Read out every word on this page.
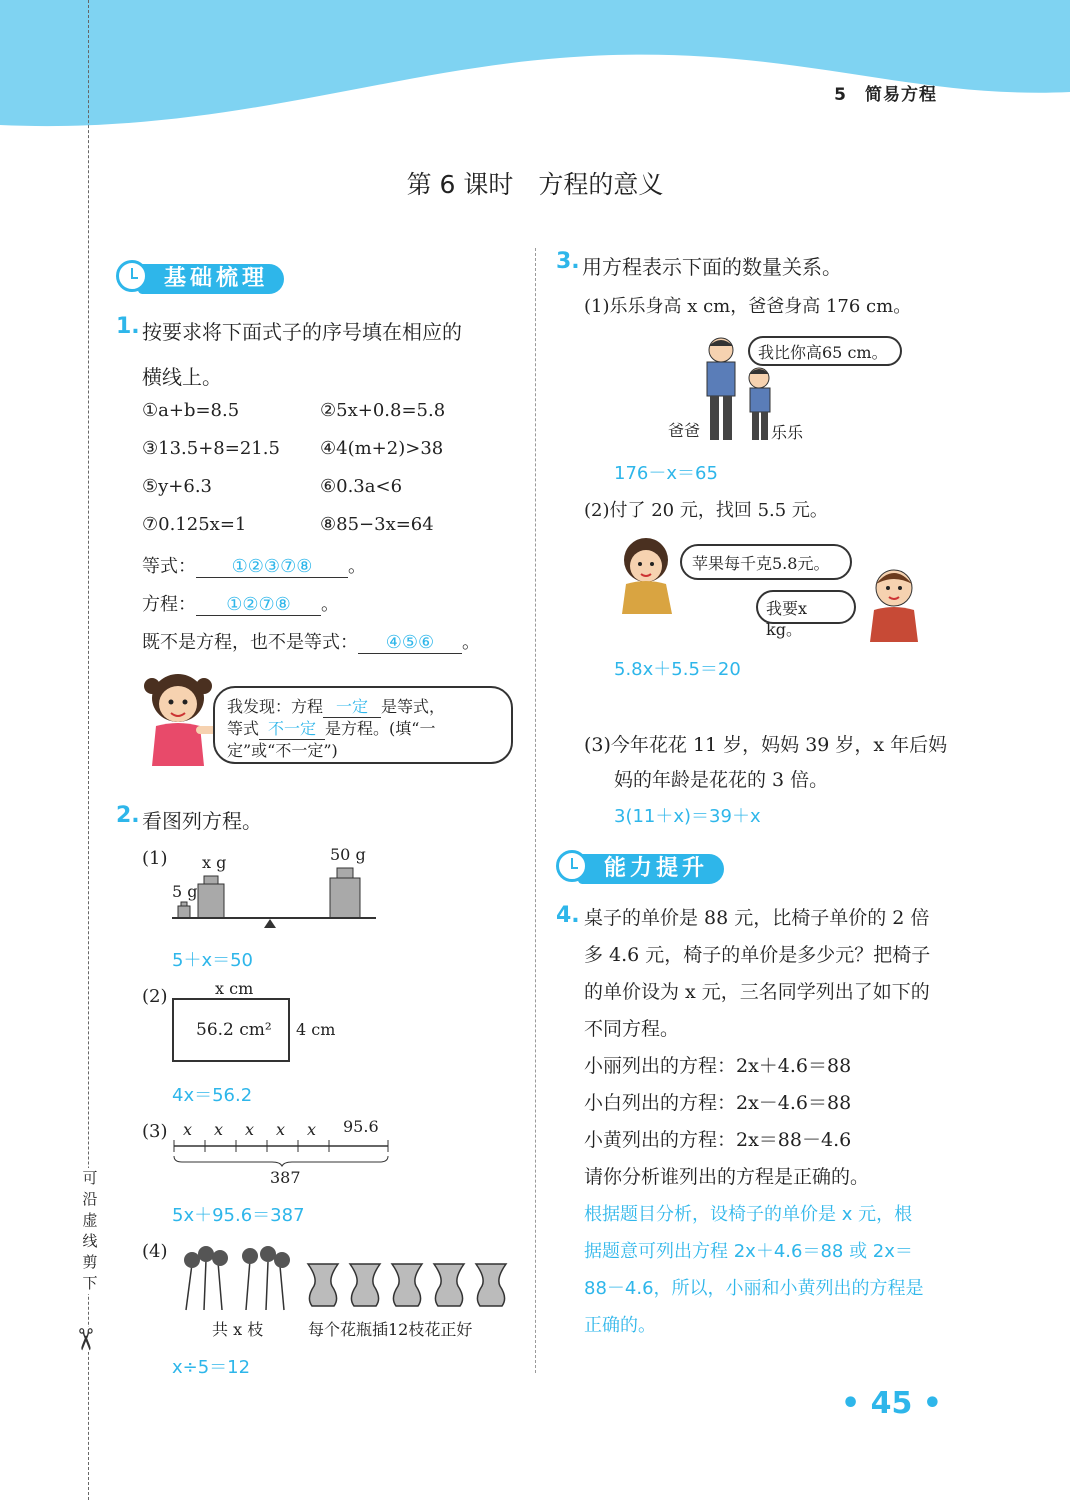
5　简易方程
可沿虚线剪下
✂
第 6 课时　方程的意义
基础梳理
1. 按要求将下面式子的序号填在相应的
横线上。
①a+b=8.5	②5x+0.8=5.8
③13.5+8=21.5 ④4(m+2)>38
⑤y+6.3	⑥0.3a<6
⑦0.125x=1	⑧85−3x=64
等式： ①②③⑦⑧ 。
方程： ①②⑦⑧ 。
既不是方程，也不是等式： ④⑤⑥ 。
我发现：方程 一定 是等式，
等式 不一定 是方程。(填“一
定”或“不一定”)
2. 看图列方程。
(1) x g
5 g
50 g
5＋x＝50
(2)	x cm
56.2 cm² 4 cm
4x＝56.2
(3) x x x x x 95.6
387
5x＋95.6＝387
(4)
共 x 枝	每个花瓶插12枝花正好
x÷5＝12
3. 用方程表示下面的数量关系。
(1)乐乐身高 x cm，爸爸身高 176 cm。
我比你高65 cm。
爸爸	乐乐
176－x＝65
(2)付了 20 元，找回 5.5 元。
苹果每千克5.8元。
我要x kg。
5.8x＋5.5＝20
(3)今年花花 11 岁，妈妈 39 岁，x 年后妈
妈的年龄是花花的 3 倍。
3(11＋x)＝39＋x
能力提升
4. 桌子的单价是 88 元，比椅子单价的 2 倍
多 4.6 元，椅子的单价是多少元？把椅子
的单价设为 x 元，三名同学列出了如下的
不同方程。
小丽列出的方程：2x＋4.6＝88
小白列出的方程：2x－4.6＝88
小黄列出的方程：2x＝88－4.6
请你分析谁列出的方程是正确的。
根据题目分析，设椅子的单价是 x 元，根
据题意可列出方程 2x＋4.6＝88 或 2x＝
88－4.6，所以，小丽和小黄列出的方程是
正确的。
• 45 •
